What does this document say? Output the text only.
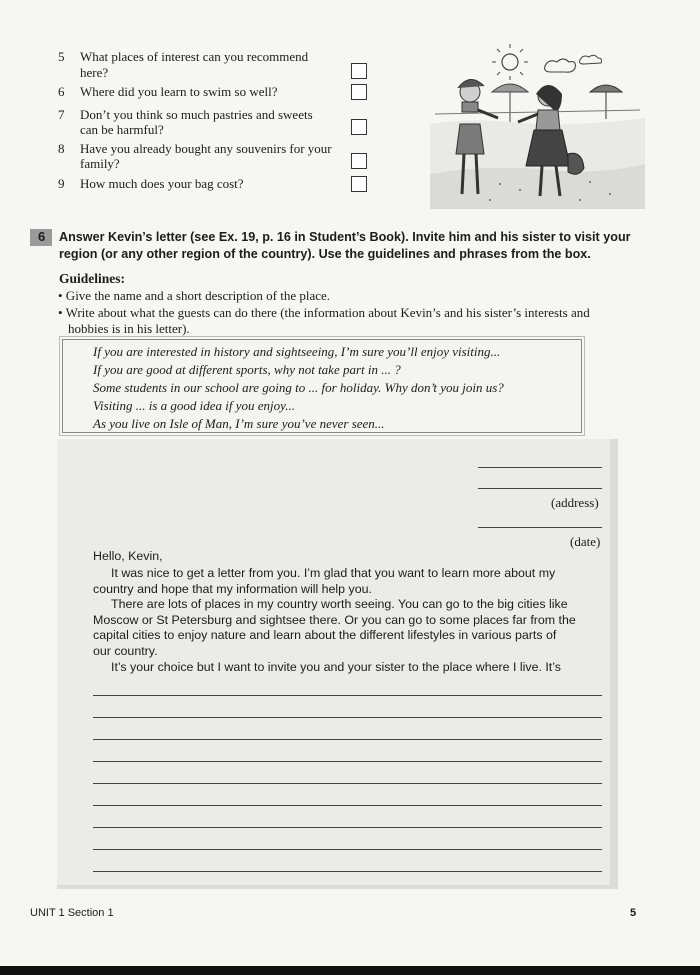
5 What places of interest can you recommend
here?
6 Where did you learn to swim so well?
7 Don’t you think so much pastries and sweets
can be harmful?
8 Have you already bought any souvenirs for your
family?
9 How much does your bag cost?
6 Answer Kevin’s letter (see Ex. 19, p. 16 in Student’s Book). Invite him and his sister to visit your
region (or any other region of the country). Use the guidelines and phrases from the box.
Guidelines:
• Give the name and a short description of the place.
• Write about what the guests can do there (the information about Kevin’s and his sister’s interests and
hobbies is in his letter).
If you are interested in history and sightseeing, I’m sure you’ll enjoy visiting...
If you are good at different sports, why not take part in ... ?
Some students in our school are going to ... for holiday. Why don’t you join us?
Visiting ... is a good idea if you enjoy...
As you live on Isle of Man, I’m sure you’ve never seen...
(address)
(date)
Hello, Kevin,
It was nice to get a letter from you. I’m glad that you want to learn more about my
country and hope that my information will help you.
There are lots of places in my country worth seeing. You can go to the big cities like
Moscow or St Petersburg and sightsee there. Or you can go to some places far from the
capital cities to enjoy nature and learn about the different lifestyles in various parts of
our country.
It’s your choice but I want to invite you and your sister to the place where I live. It’s
UNIT 1 Section 1	5
